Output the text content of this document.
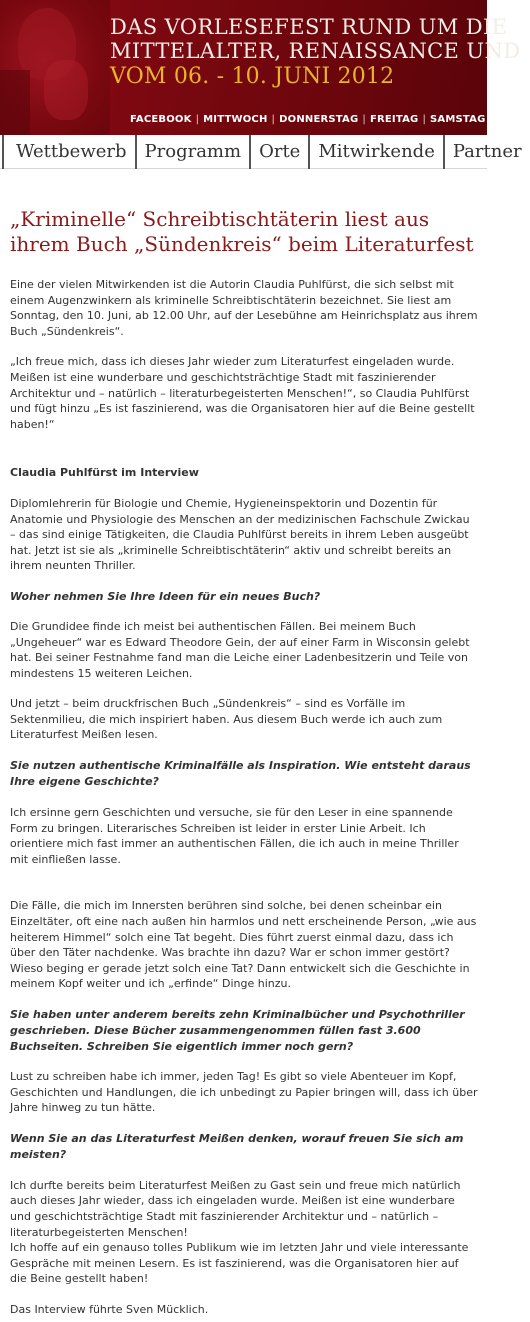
DAS VORLESEFEST RUND UM DIE
MITTELALTER, RENAISSANCE UND
VOM 06. - 10. JUNI 2012
FACEBOOK | MITTWOCH | DONNERSTAG | FREITAG | SAMSTAG
Wettbewerb Programm Orte Mitwirkende Partner
„Kriminelle“ Schreibtischtäterin liest aus ihrem Buch „Sündenkreis“ beim Literaturfest

Eine der vielen Mitwirkenden ist die Autorin Claudia Puhlfürst, die sich selbst mit einem Augenzwinkern als kriminelle Schreibtischtäterin bezeichnet. Sie liest am Sonntag, den 10. Juni, ab 12.00 Uhr, auf der Lesebühne am Heinrichsplatz aus ihrem Buch „Sündenkreis“.

„Ich freue mich, dass ich dieses Jahr wieder zum Literaturfest eingeladen wurde. Meißen ist eine wunderbare und geschichtsträchtige Stadt mit faszinierender Architektur und – natürlich – literaturbegeisterten Menschen!“, so Claudia Puhlfürst und fügt hinzu „Es ist faszinierend, was die Organisatoren hier auf die Beine gestellt haben!“

Claudia Puhlfürst im Interview

Diplomlehrerin für Biologie und Chemie, Hygieneinspektorin und Dozentin für Anatomie und Physiologie des Menschen an der medizinischen Fachschule Zwickau – das sind einige Tätigkeiten, die Claudia Puhlfürst bereits in ihrem Leben ausgeübt hat. Jetzt ist sie als „kriminelle Schreibtischtäterin“ aktiv und schreibt bereits an ihrem neunten Thriller.

Woher nehmen Sie Ihre Ideen für ein neues Buch?

Die Grundidee finde ich meist bei authentischen Fällen. Bei meinem Buch „Ungeheuer“ war es Edward Theodore Gein, der auf einer Farm in Wisconsin gelebt hat. Bei seiner Festnahme fand man die Leiche einer Ladenbesitzerin und Teile von mindestens 15 weiteren Leichen.

Und jetzt – beim druckfrischen Buch „Sündenkreis“ – sind es Vorfälle im Sektenmilieu, die mich inspiriert haben. Aus diesem Buch werde ich auch zum Literaturfest Meißen lesen.

Sie nutzen authentische Kriminalfälle als Inspiration. Wie entsteht daraus Ihre eigene Geschichte?

Ich ersinne gern Geschichten und versuche, sie für den Leser in eine spannende Form zu bringen. Literarisches Schreiben ist leider in erster Linie Arbeit. Ich orientiere mich fast immer an authentischen Fällen, die ich auch in meine Thriller mit einfließen lasse.

Die Fälle, die mich im Innersten berühren sind solche, bei denen scheinbar ein Einzeltäter, oft eine nach außen hin harmlos und nett erscheinende Person, „wie aus heiterem Himmel“ solch eine Tat begeht. Dies führt zuerst einmal dazu, dass ich über den Täter nachdenke. Was brachte ihn dazu? War er schon immer gestört? Wieso beging er gerade jetzt solch eine Tat? Dann entwickelt sich die Geschichte in meinem Kopf weiter und ich „erfinde“ Dinge hinzu.

Sie haben unter anderem bereits zehn Kriminalbücher und Psychothriller geschrieben. Diese Bücher zusammengenommen füllen fast 3.600 Buchseiten. Schreiben Sie eigentlich immer noch gern?

Lust zu schreiben habe ich immer, jeden Tag! Es gibt so viele Abenteuer im Kopf, Geschichten und Handlungen, die ich unbedingt zu Papier bringen will, dass ich über Jahre hinweg zu tun hätte.

Wenn Sie an das Literaturfest Meißen denken, worauf freuen Sie sich am meisten?

Ich durfte bereits beim Literaturfest Meißen zu Gast sein und freue mich natürlich auch dieses Jahr wieder, dass ich eingeladen wurde. Meißen ist eine wunderbare und geschichtsträchtige Stadt mit faszinierender Architektur und – natürlich – literaturbegeisterten Menschen!

Ich hoffe auf ein genauso tolles Publikum wie im letzten Jahr und viele interessante Gespräche mit meinen Lesern. Es ist faszinierend, was die Organisatoren hier auf die Beine gestellt haben!

Das Interview führte Sven Mücklich.
